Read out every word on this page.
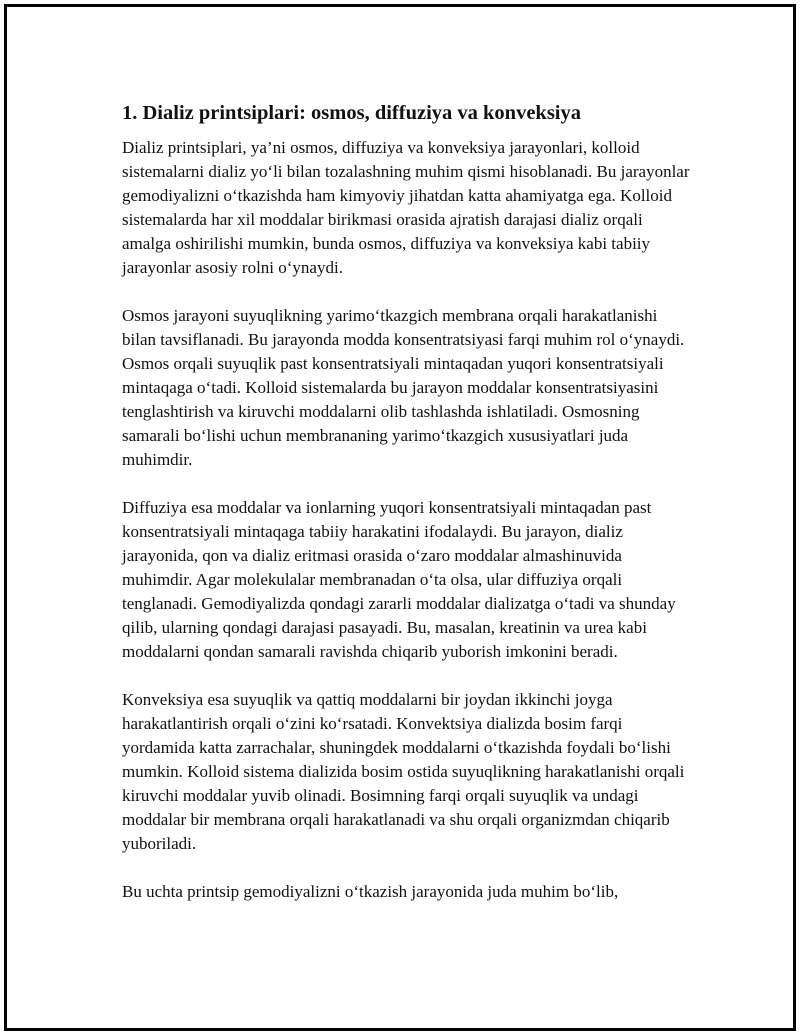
1. Dializ printsiplari: osmos, diffuziya va konveksiya

Dializ printsiplari, ya’ni osmos, diffuziya va konveksiya jarayonlari, kolloid sistemalarni dializ yo‘li bilan tozalashning muhim qismi hisoblanadi. Bu jarayonlar gemodiyalizni o‘tkazishda ham kimyoviy jihatdan katta ahamiyatga ega. Kolloid sistemalarda har xil moddalar birikmasi orasida ajratish darajasi dializ orqali amalga oshirilishi mumkin, bunda osmos, diffuziya va konveksiya kabi tabiiy jarayonlar asosiy rolni o‘ynaydi.

Osmos jarayoni suyuqlikning yarimo‘tkazgich membrana orqali harakatlanishi bilan tavsiflanadi. Bu jarayonda modda konsentratsiyasi farqi muhim rol o‘ynaydi. Osmos orqali suyuqlik past konsentratsiyali mintaqadan yuqori konsentratsiyali mintaqaga o‘tadi. Kolloid sistemalarda bu jarayon moddalar konsentratsiyasini tenglashtirish va kiruvchi moddalarni olib tashlashda ishlatiladi. Osmosning samarali bo‘lishi uchun membrananing yarimo‘tkazgich xususiyatlari juda muhimdir.

Diffuziya esa moddalar va ionlarning yuqori konsentratsiyali mintaqadan past konsentratsiyali mintaqaga tabiiy harakatini ifodalaydi. Bu jarayon, dializ jarayonida, qon va dializ eritmasi orasida o‘zaro moddalar almashinuvida muhimdir. Agar molekulalar membranadan o‘ta olsa, ular diffuziya orqali tenglanadi. Gemodiyalizda qondagi zararli moddalar dializatga o‘tadi va shunday qilib, ularning qondagi darajasi pasayadi. Bu, masalan, kreatinin va urea kabi moddalarni qondan samarali ravishda chiqarib yuborish imkonini beradi.

Konveksiya esa suyuqlik va qattiq moddalarni bir joydan ikkinchi joyga harakatlantirish orqali o‘zini ko‘rsatadi. Konvektsiya dializda bosim farqi yordamida katta zarrachalar, shuningdek moddalarni o‘tkazishda foydali bo‘lishi mumkin. Kolloid sistema dializida bosim ostida suyuqlikning harakatlanishi orqali kiruvchi moddalar yuvib olinadi. Bosimning farqi orqali suyuqlik va undagi moddalar bir membrana orqali harakatlanadi va shu orqali organizmdan chiqarib yuboriladi.

Bu uchta printsip gemodiyalizni o‘tkazish jarayonida juda muhim bo‘lib,
